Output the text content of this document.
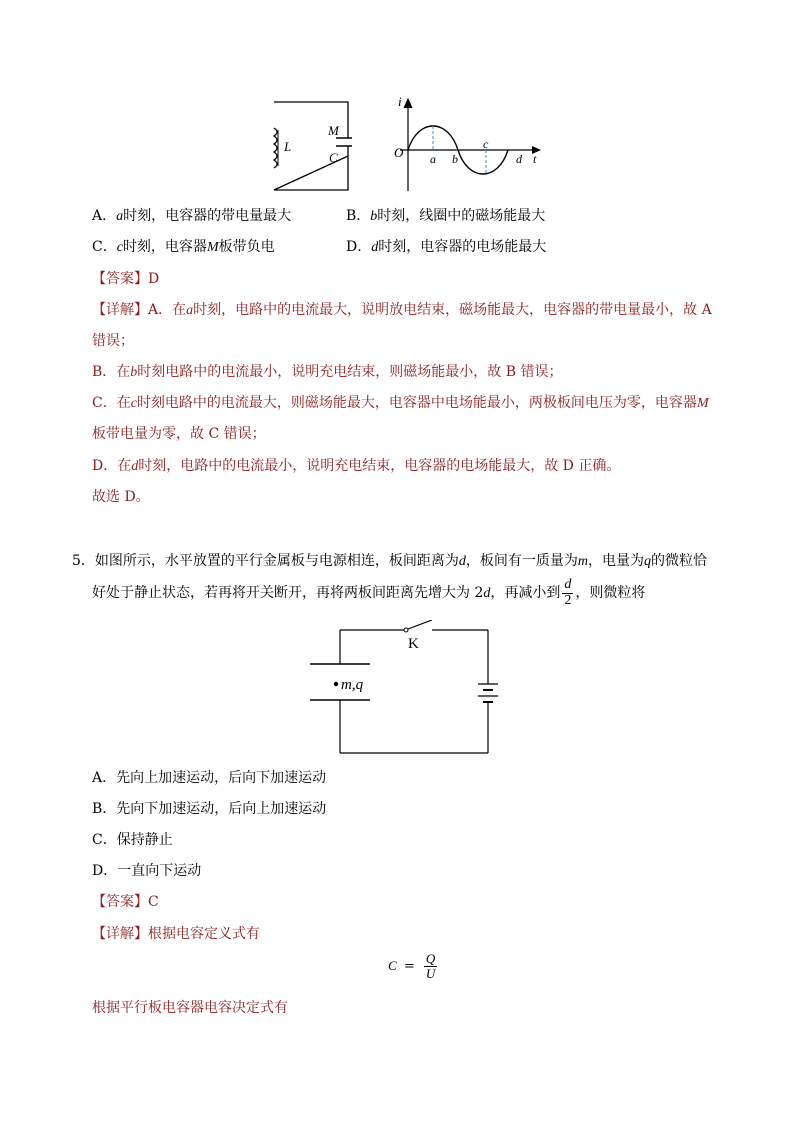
L
M
C
i
O a b
c
d t
A．a时刻，电容器的带电量最大	B．b时刻，线圈中的磁场能最大
C．c时刻，电容器M板带负电	D．d时刻，电容器的电场能最大
【答案】D
【详解】A．在a时刻，电路中的电流最大，说明放电结束，磁场能最大，电容器的带电量最小，故 A
错误；
B．在b时刻电路中的电流最小，说明充电结束，则磁场能最小，故 B 错误；
C．在c时刻电路中的电流最大，则磁场能最大，电容器中电场能最小，两极板间电压为零，电容器M
板带电量为零，故 C 错误；
D．在d时刻，电路中的电流最小，说明充电结束，电容器的电场能最大，故 D 正确。
故选 D。
5．如图所示，水平放置的平行金属板与电源相连，板间距离为d，板间有一质量为m，电量为q的微粒恰
好处于静止状态，若再将开关断开，再将两板间距离先增大为 2d，再减小到 $\frac{d}{2}$ ，则微粒将
K
m,q
A．先向上加速运动，后向下加速运动
B．先向下加速运动，后向上加速运动
C．保持静止
D．一直向下运动
【答案】C
【详解】根据电容定义式有
$C = \frac{Q}{U}$
根据平行板电容器电容决定式有
